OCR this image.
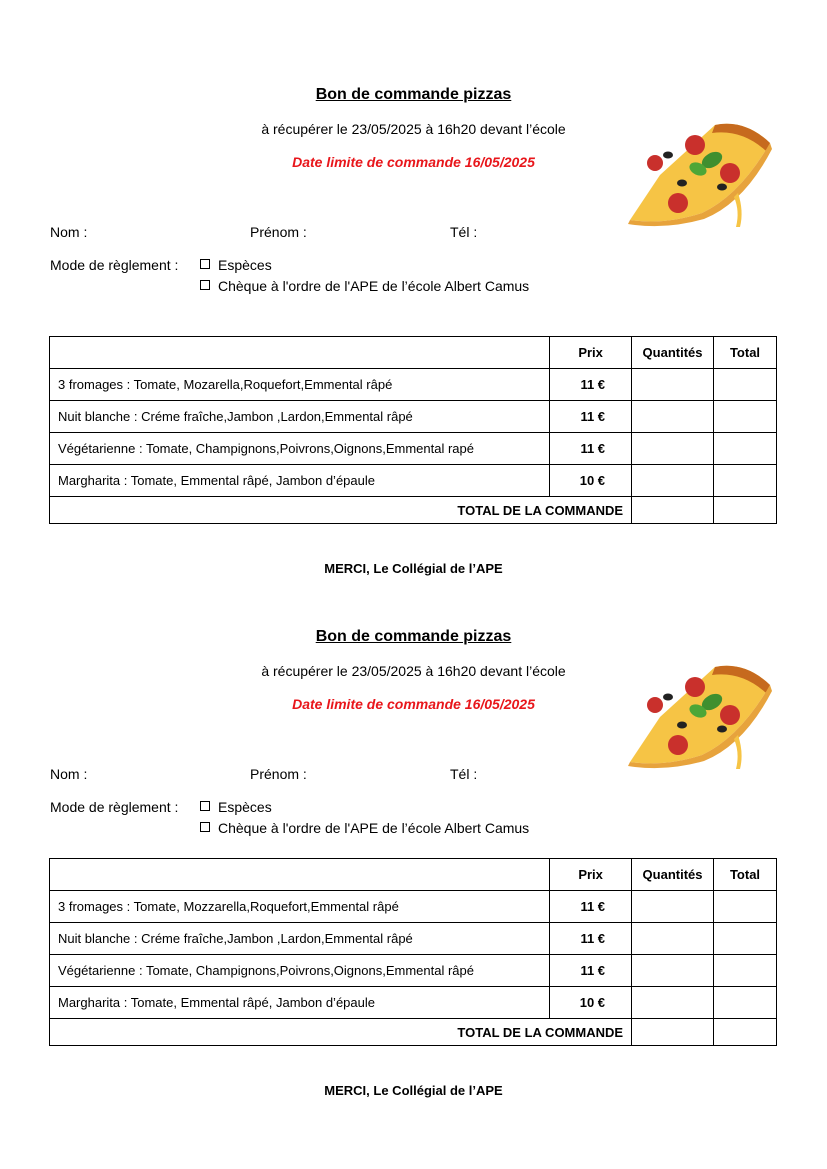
Bon de commande pizzas
à récupérer le 23/05/2025 à 16h20 devant l’école
Date limite de commande 16/05/2025
Nom :	Prénom :	Tél :
Mode de règlement :	Espèces
Chèque à l'ordre de l'APE de l’école Albert Camus
	Prix	Quantités	Total
3 fromages : Tomate, Mozarella,Roquefort,Emmental râpé	11 €		
Nuit blanche : Créme fraîche,Jambon ,Lardon,Emmental râpé	11 €		
Végétarienne : Tomate, Champignons,Poivrons,Oignons,Emmental rapé	11 €		
Margharita : Tomate, Emmental râpé, Jambon d’épaule	10 €		
TOTAL DE LA COMMANDE			
MERCI, Le Collégial de l’APE
Bon de commande pizzas
à récupérer le 23/05/2025 à 16h20 devant l’école
Date limite de commande 16/05/2025
Nom :	Prénom :	Tél :
Mode de règlement :	Espèces
Chèque à l'ordre de l'APE de l’école Albert Camus
	Prix	Quantités	Total
3 fromages : Tomate, Mozzarella,Roquefort,Emmental râpé	11 €		
Nuit blanche : Créme fraîche,Jambon ,Lardon,Emmental râpé	11 €		
Végétarienne : Tomate, Champignons,Poivrons,Oignons,Emmental râpé	11 €		
Margharita : Tomate, Emmental râpé, Jambon d’épaule	10 €		
TOTAL DE LA COMMANDE			
MERCI, Le Collégial de l’APE
